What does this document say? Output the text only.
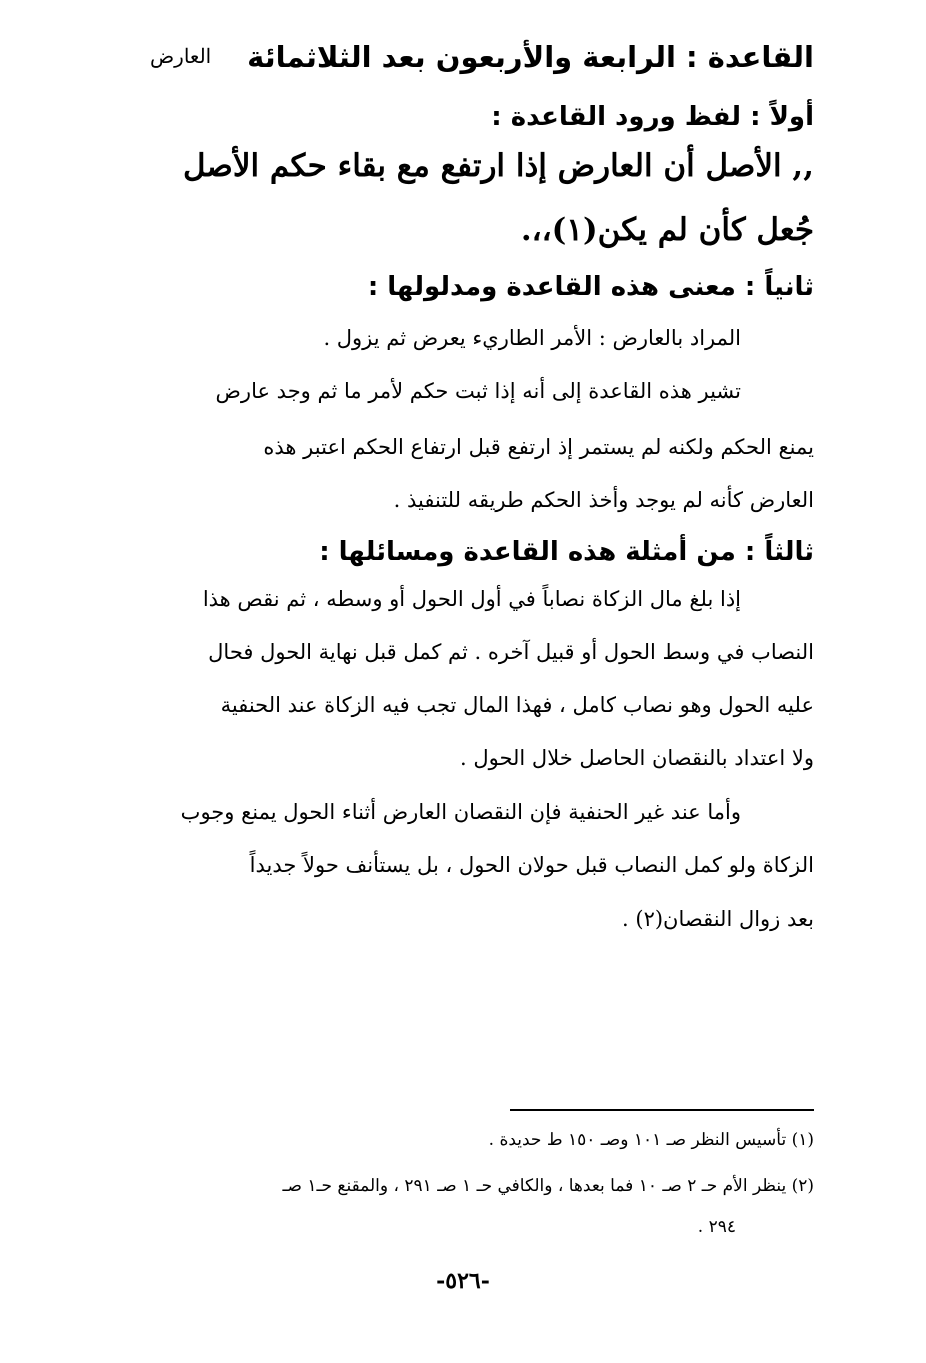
العارض القاعدة : الرابعة والأربعون بعد الثلاثمائة
أولاً : لفظ ورود القاعدة :
,, الأصل أن العارض إذا ارتفع مع بقاء حكم الأصل
جُعل كأن لم يكن(١)،،.
ثانياً : معنى هذه القاعدة ومدلولها :
المراد بالعارض : الأمر الطاريء يعرض ثم يزول .
تشير هذه القاعدة إلى أنه إذا ثبت حكم لأمر ما ثم وجد عارض
يمنع الحكم ولكنه لم يستمر إذ ارتفع قبل ارتفاع الحكم اعتبر هذه
العارض كأنه لم يوجد وأخذ الحكم طريقه للتنفيذ .
ثالثاً : من أمثلة هذه القاعدة ومسائلها :
إذا بلغ مال الزكاة نصاباً في أول الحول أو وسطه ، ثم نقص هذا
النصاب في وسط الحول أو قبيل آخره . ثم كمل قبل نهاية الحول فحال
عليه الحول وهو نصاب كامل ، فهذا المال تجب فيه الزكاة عند الحنفية
ولا اعتداد بالنقصان الحاصل خلال الحول .
وأما عند غير الحنفية فإن النقصان العارض أثناء الحول يمنع وجوب
الزكاة ولو كمل النصاب قبل حولان الحول ، بل يستأنف حولاً جديداً
بعد زوال النقصان(٢) .
(١) تأسيس النظر صـ ١٠١ وصـ ١٥٠ ط حديدة .
(٢) ينظر الأم حـ ٢ صـ ١٠ فما بعدها ، والكافي حـ ١ صـ ٢٩١ ، والمقنع حـ١ صـ
٢٩٤ .
-٥٢٦-
